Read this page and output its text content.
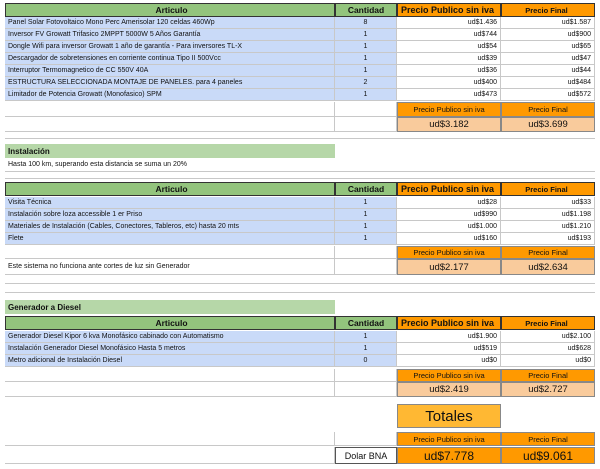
Articulo	Cantidad	Precio Publico sin iva	Precio Final
Panel Solar Fotovoltaico Mono Perc Amerisolar 120 celdas 460Wp	8	ud$1.436	ud$1.587
Inversor FV Growatt Trifasico 2MPPT 5000W 5 Años Garantía	1	ud$744	ud$900
Dongle Wifi para inversor Growatt 1 año de garantía - Para inversores TL-X	1	ud$54	ud$65
Descargador de sobretensiones en corriente continua Tipo II 500Vcc	1	ud$39	ud$47
Interruptor Termomagnetico de CC 550V 40A	1	ud$36	ud$44
ESTRUCTURA SELECCIONADA MONTAJE DE PANELES. para 4 paneles	2	ud$400	ud$484
Limitador de Potencia Growatt (Monofasico) SPM	1	ud$473	ud$572
Precio Publico sin iva	Precio Final
ud$3.182	ud$3.699
Instalación
Hasta 100 km, superando esta distancia se suma un 20%
Articulo	Cantidad	Precio Publico sin iva	Precio Final
Visita Técnica	1	ud$28	ud$33
Instalación sobre loza accessible 1 er Priso	1	ud$990	ud$1.198
Materiales de Instalación (Cables, Conectores, Tableros, etc) hasta 20 mts	1	ud$1.000	ud$1.210
Flete	1	ud$160	ud$193
Precio Publico sin iva	Precio Final
Este sistema no funciona ante cortes de luz sin Generador	ud$2.177	ud$2.634
Generador a Diesel
Articulo	Cantidad	Precio Publico sin iva	Precio Final
Generador Diesel Kipor 6 kva Monofásico cabinado con Automatismo	1	ud$1.900	ud$2.100
Instalación Generador Diesel Monofásico Hasta 5 metros	1	ud$519	ud$628
Metro adicional de Instalación Diesel	0	ud$0	ud$0
Precio Publico sin iva	Precio Final
ud$2.419	ud$2.727
Totales
Precio Publico sin iva	Precio Final
Dolar BNA	ud$7.778	ud$9.061
